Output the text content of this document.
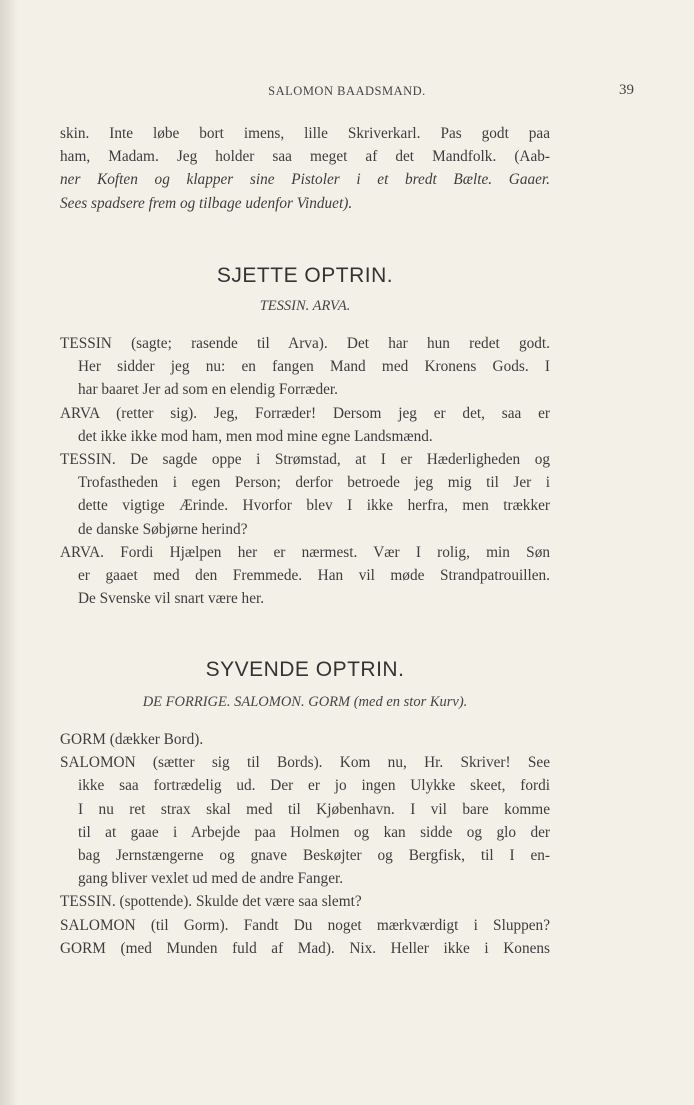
SALOMON BAADSMAND.	39
skin. Inte løbe bort imens, lille Skriverkarl. Pas godt paa
ham, Madam. Jeg holder saa meget af det Mandfolk. (Aab-
ner Koften og klapper sine Pistoler i et bredt Bælte. Gaaer.
Sees spadsere frem og tilbage udenfor Vinduet).
SJETTE OPTRIN.
TESSIN. ARVA.
TESSIN (sagte; rasende til Arva). Det har hun redet godt.
Her sidder jeg nu: en fangen Mand med Kronens Gods. I
har baaret Jer ad som en elendig Forræder.
ARVA (retter sig). Jeg, Forræder! Dersom jeg er det, saa er
det ikke ikke mod ham, men mod mine egne Landsmænd.
TESSIN. De sagde oppe i Strømstad, at I er Hæderligheden og
Trofastheden i egen Person; derfor betroede jeg mig til Jer i
dette vigtige Ærinde. Hvorfor blev I ikke herfra, men trækker
de danske Søbjørne herind?
ARVA. Fordi Hjælpen her er nærmest. Vær I rolig, min Søn
er gaaet med den Fremmede. Han vil møde Strandpatrouillen.
De Svenske vil snart være her.
SYVENDE OPTRIN.
DE FORRIGE. SALOMON. GORM (med en stor Kurv).
GORM (dækker Bord).
SALOMON (sætter sig til Bords). Kom nu, Hr. Skriver! See
ikke saa fortrædelig ud. Der er jo ingen Ulykke skeet, fordi
I nu ret strax skal med til Kjøbenhavn. I vil bare komme
til at gaae i Arbejde paa Holmen og kan sidde og glo der
bag Jernstængerne og gnave Beskøjter og Bergfisk, til I en-
gang bliver vexlet ud med de andre Fanger.
TESSIN. (spottende). Skulde det være saa slemt?
SALOMON (til Gorm). Fandt Du noget mærkværdigt i Sluppen?
GORM (med Munden fuld af Mad). Nix. Heller ikke i Konens
